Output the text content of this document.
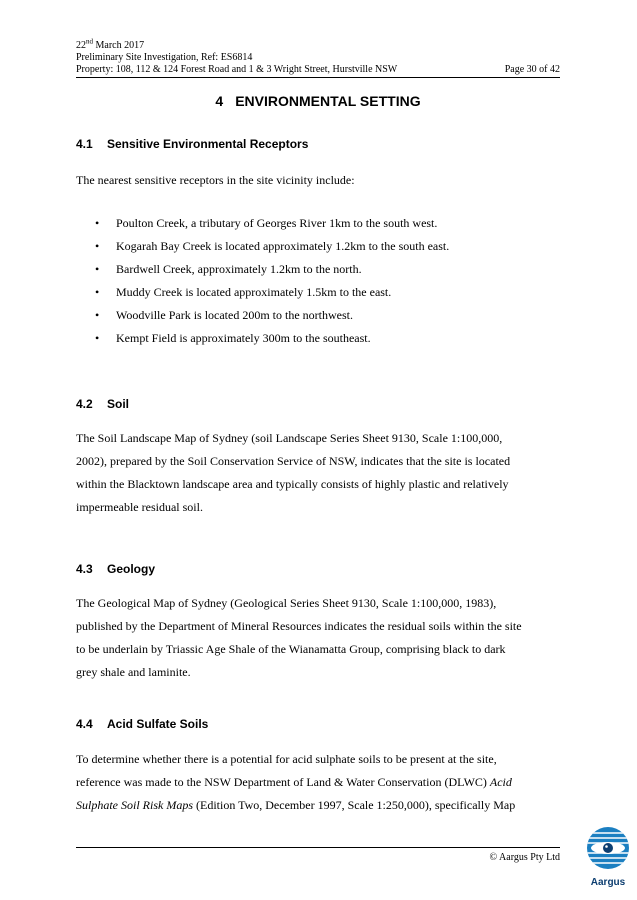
22nd March 2017
Preliminary Site Investigation, Ref: ES6814
Property: 108, 112 & 124 Forest Road and 1 & 3 Wright Street, Hurstville NSW	Page 30 of 42
4 ENVIRONMENTAL SETTING
4.1 Sensitive Environmental Receptors
The nearest sensitive receptors in the site vicinity include:
• Poulton Creek, a tributary of Georges River 1km to the south west.
• Kogarah Bay Creek is located approximately 1.2km to the south east.
• Bardwell Creek, approximately 1.2km to the north.
• Muddy Creek is located approximately 1.5km to the east.
• Woodville Park is located 200m to the northwest.
• Kempt Field is approximately 300m to the southeast.
4.2 Soil
The Soil Landscape Map of Sydney (soil Landscape Series Sheet 9130, Scale 1:100,000,
2002), prepared by the Soil Conservation Service of NSW, indicates that the site is located
within the Blacktown landscape area and typically consists of highly plastic and relatively
impermeable residual soil.
4.3 Geology
The Geological Map of Sydney (Geological Series Sheet 9130, Scale 1:100,000, 1983),
published by the Department of Mineral Resources indicates the residual soils within the site
to be underlain by Triassic Age Shale of the Wianamatta Group, comprising black to dark
grey shale and laminite.
4.4 Acid Sulfate Soils
To determine whether there is a potential for acid sulphate soils to be present at the site,
reference was made to the NSW Department of Land & Water Conservation (DLWC) Acid
Sulphate Soil Risk Maps (Edition Two, December 1997, Scale 1:250,000), specifically Map
© Aargus Pty Ltd
Aargus
